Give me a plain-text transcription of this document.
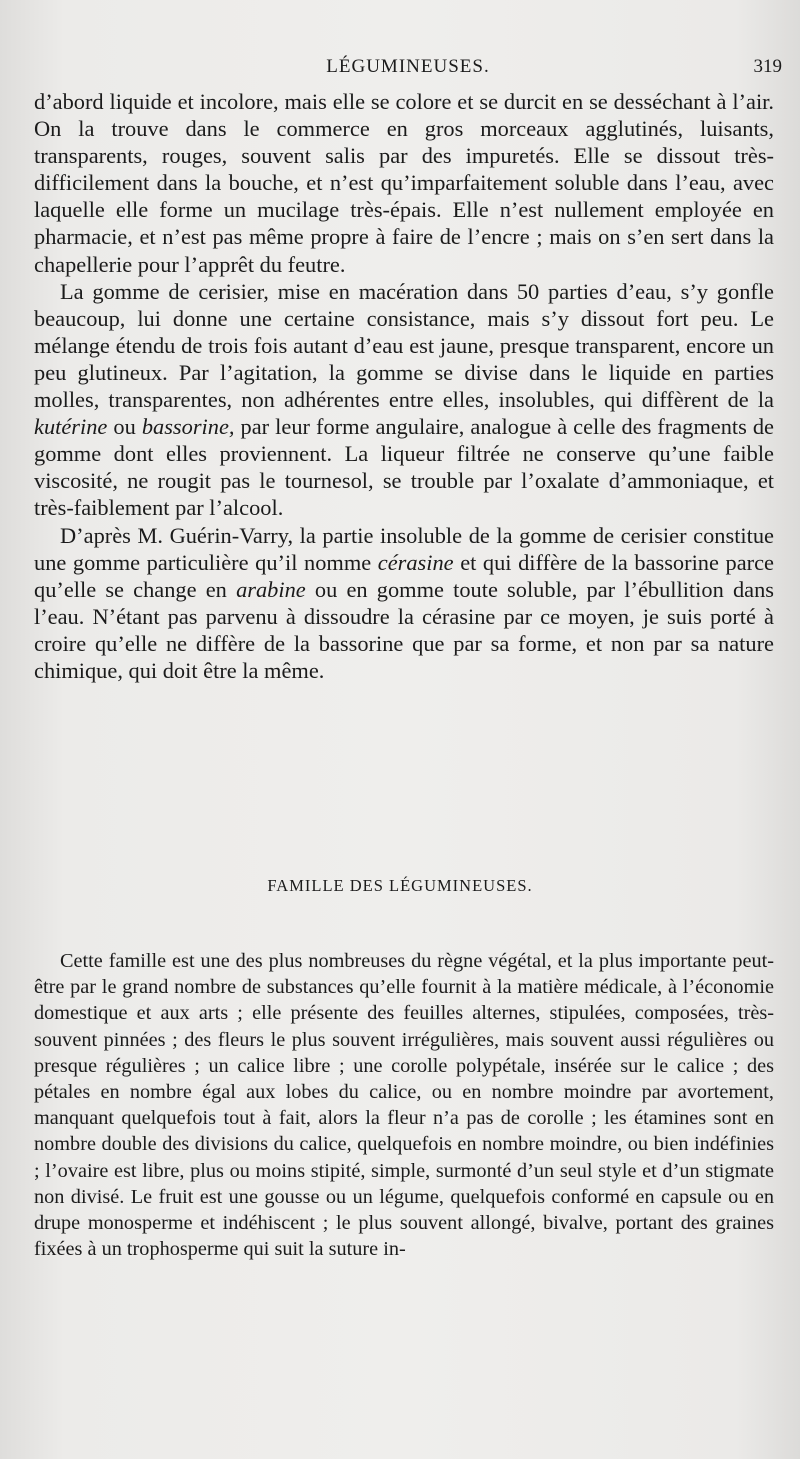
LÉGUMINEUSES.	319

d’abord liquide et incolore, mais elle se colore et se durcit en se desséchant à l’air. On la trouve dans le commerce en gros morceaux agglutinés, luisants, transparents, rouges, souvent salis par des impuretés. Elle se dissout très-difficilement dans la bouche, et n’est qu’imparfaitement soluble dans l’eau, avec laquelle elle forme un mucilage très-épais. Elle n’est nullement employée en pharmacie, et n’est pas même propre à faire de l’encre ; mais on s’en sert dans la chapellerie pour l’apprêt du feutre.

La gomme de cerisier, mise en macération dans 50 parties d’eau, s’y gonfle beaucoup, lui donne une certaine consistance, mais s’y dissout fort peu. Le mélange étendu de trois fois autant d’eau est jaune, presque transparent, encore un peu glutineux. Par l’agitation, la gomme se divise dans le liquide en parties molles, transparentes, non adhérentes entre elles, insolubles, qui diffèrent de la kutérine ou bassorine, par leur forme angulaire, analogue à celle des fragments de gomme dont elles proviennent. La liqueur filtrée ne conserve qu’une faible viscosité, ne rougit pas le tournesol, se trouble par l’oxalate d’ammoniaque, et très-faiblement par l’alcool.

D’après M. Guérin-Varry, la partie insoluble de la gomme de cerisier constitue une gomme particulière qu’il nomme cérasine et qui diffère de la bassorine parce qu’elle se change en arabine ou en gomme toute soluble, par l’ébullition dans l’eau. N’étant pas parvenu à dissoudre la cérasine par ce moyen, je suis porté à croire qu’elle ne diffère de la bassorine que par sa forme, et non par sa nature chimique, qui doit être la même.

FAMILLE DES LÉGUMINEUSES.

Cette famille est une des plus nombreuses du règne végétal, et la plus importante peut-être par le grand nombre de substances qu’elle fournit à la matière médicale, à l’économie domestique et aux arts ; elle présente des feuilles alternes, stipulées, composées, très-souvent pinnées ; des fleurs le plus souvent irrégulières, mais souvent aussi régulières ou presque régulières ; un calice libre ; une corolle polypétale, insérée sur le calice ; des pétales en nombre égal aux lobes du calice, ou en nombre moindre par avortement, manquant quelquefois tout à fait, alors la fleur n’a pas de corolle ; les étamines sont en nombre double des divisions du calice, quelquefois en nombre moindre, ou bien indéfinies ; l’ovaire est libre, plus ou moins stipité, simple, surmonté d’un seul style et d’un stigmate non divisé. Le fruit est une gousse ou un légume, quelquefois conformé en capsule ou en drupe monosperme et indéhiscent ; le plus souvent allongé, bivalve, portant des graines fixées à un trophosperme qui suit la suture in-
